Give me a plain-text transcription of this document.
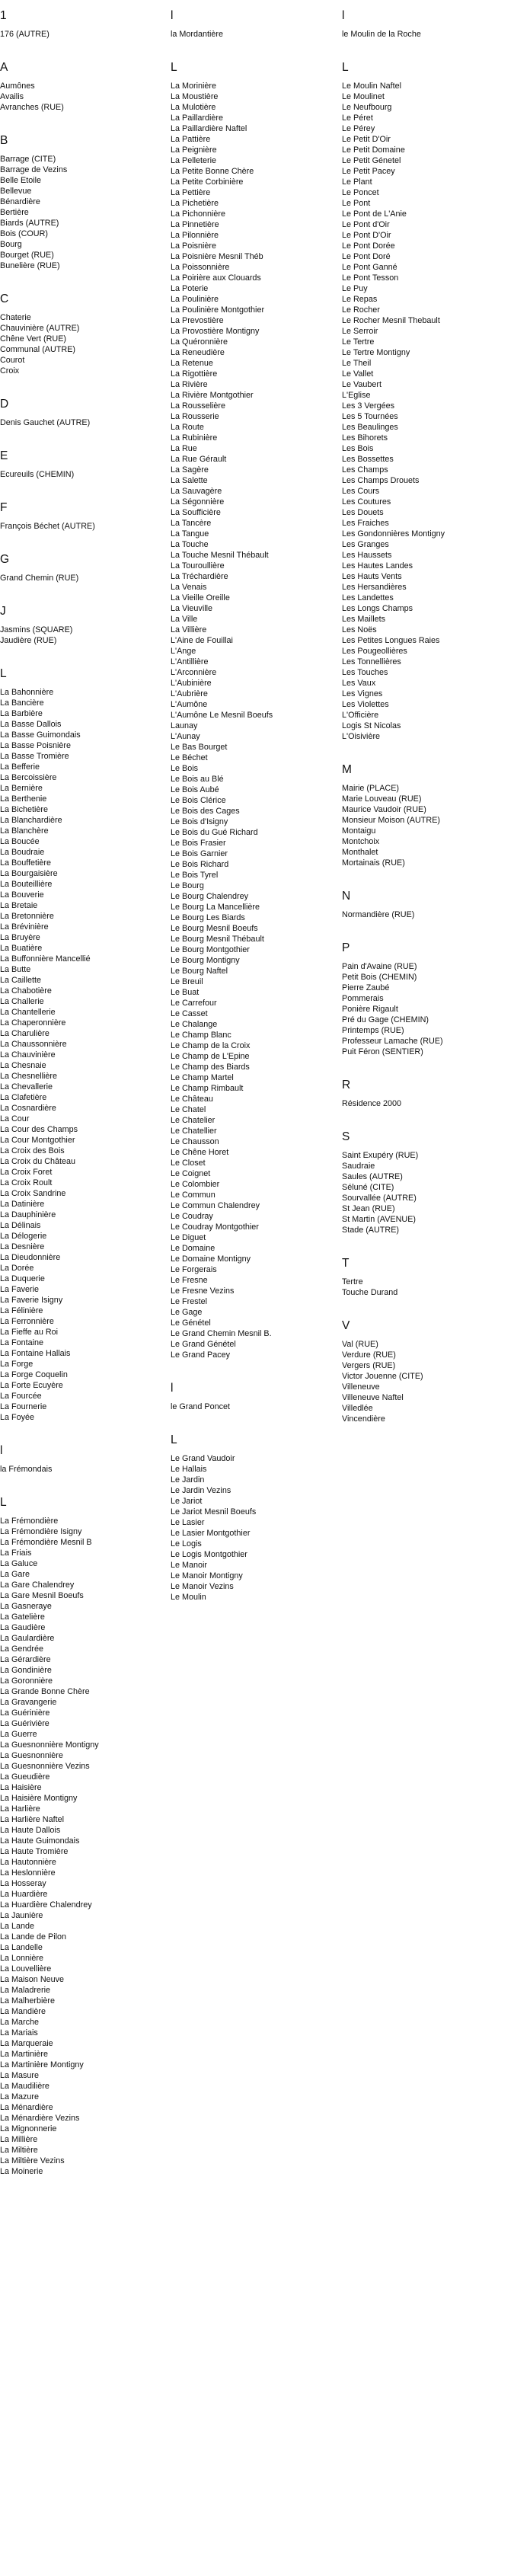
1
176 (AUTRE)
A
Aumônes
Availis
Avranches (RUE)
B
Barrage (CITE)
Barrage de Vezins
Belle Etoile
Bellevue
Bénardière
Bertière
Biards (AUTRE)
Bois (COUR)
Bourg
Bourget (RUE)
Bunelière (RUE)
C
Chaterie
Chauvinière (AUTRE)
Chêne Vert (RUE)
Communal (AUTRE)
Courot
Croix
D
Denis Gauchet (AUTRE)
E
Ecureuils (CHEMIN)
F
François Béchet (AUTRE)
G
Grand Chemin (RUE)
J
Jasmins (SQUARE)
Jaudière (RUE)
L
La Bahonnière
La Bancière
La Barbière
La Basse Dallois
La Basse Guimondais
La Basse Poisnière
La Basse Tromière
La Befferie
La Bercoissière
La Bernière
La Berthenie
La Bichetière
La Blanchardière
La Blanchère
La Boucée
La Boudraie
La Bouffetière
La Bourgaisière
La Bouteillière
La Bouverie
La Bretaie
La Bretonnière
La Brévinière
La Bruyère
La Buatière
La Buffonnière Mancellié
La Butte
La Caillette
La Chabotière
La Challerie
La Chantellerie
La Chaperonnière
La Charulière
La Chaussonnière
La Chauvinière
La Chesnaie
La Chesnellière
La Chevallerie
La Clafetière
La Cosnardière
La Cour
La Cour des Champs
La Cour Montgothier
La Croix des Bois
La Croix du Château
La Croix Foret
La Croix Roult
La Croix Sandrine
La Datinière
La Dauphinière
La Délinais
La Délogerie
La Desnière
La Dieudonnière
La Dorée
La Duquerie
La Faverie
La Faverie Isigny
La Félinière
La Ferronnière
La Fieffe au Roi
La Fontaine
La Fontaine Hallais
La Forge
La Forge Coquelin
La Forte Ecuyère
La Fourcée
La Fournerie
La Foyée
l
la Frémondais
L
La Frémondière
La Frémondière Isigny
La Frémondière Mesnil B
La Friais
La Galuce
La Gare
La Gare Chalendrey
La Gare Mesnil Boeufs
La Gasneraye
La Gatelière
La Gaudière
La Gaulardière
La Gendrée
La Gérardière
La Gondinière
La Goronnière
La Grande Bonne Chère
La Gravangerie
La Guérinière
La Guérivière
La Guerre
La Guesnonnière Montigny
La Guesnonnière
La Guesnonnière Vezins
La Gueudière
La Haisière
La Haisière Montigny
La Harlière
La Harlière Naftel
La Haute Dallois
La Haute Guimondais
La Haute Tromière
La Hautonnière
La Heslonnière
La Hosseray
La Huardière
La Huardière Chalendrey
La Jaunière
La Lande
La Lande de Pilon
La Landelle
La Lonnière
La Louvellière
La Maison Neuve
La Maladrerie
La Malherbière
La Mandière
La Marche
La Mariais
La Marqueraie
La Martinière
La Martinière Montigny
La Masure
La Maudilière
La Mazure
La Ménardière
La Ménardière Vezins
La Mignonnerie
La Millière
La Miltière
La Miltière Vezins
La Moinerie
l
la Mordantière
L
La Morinière
La Moustière
La Mulotière
La Paillardière
La Paillardière Naftel
La Pattière
La Peignière
La Pelleterie
La Petite Bonne Chère
La Petite Corbinière
La Pettière
La Pichetière
La Pichonnière
La Pinnetière
La Pilonnière
La Poisnière
La Poisnière Mesnil Théb
La Poissonnière
La Poirière aux Clouards
La Poterie
La Poulinière
La Poulinière Montgothier
La Prevostière
La Provostière Montigny
La Quéronnière
La Reneudière
La Retenue
La Rigottière
La Rivière
La Rivière Montgothier
La Rousselière
La Rousserie
La Route
La Rubinière
La Rue
La Rue Gérault
La Sagère
La Salette
La Sauvagère
La Ségonnière
La Soufficière
La Tancère
La Tangue
La Touche
La Touche Mesnil Thébault
La Touroullière
La Tréchardière
La Venais
La Vieille Oreille
La Vieuville
La Ville
La Villière
L'Aine de Fouillai
L'Ange
L'Antillière
L'Arconnière
L'Aubinière
L'Aubrière
L'Aumône
L'Aumône Le Mesnil Boeufs
Launay
L'Aunay
Le Bas Bourget
Le Béchet
Le Bois
Le Bois au Blé
Le Bois Aubé
Le Bois Clérice
Le Bois des Cages
Le Bois d'Isigny
Le Bois du Gué Richard
Le Bois Frasier
Le Bois Garnier
Le Bois Richard
Le Bois Tyrel
Le Bourg
Le Bourg Chalendrey
Le Bourg La Mancellière
Le Bourg Les Biards
Le Bourg Mesnil Boeufs
Le Bourg Mesnil Thébault
Le Bourg Montgothier
Le Bourg Montigny
Le Bourg Naftel
Le Breuil
Le Buat
Le Carrefour
Le Casset
Le Chalange
Le Champ Blanc
Le Champ de la Croix
Le Champ de L'Epine
Le Champ des Biards
Le Champ Martel
Le Champ Rimbault
Le Château
Le Chatel
Le Chatelier
Le Chatellier
Le Chausson
Le Chêne Horet
Le Closet
Le Coignet
Le Colombier
Le Commun
Le Commun Chalendrey
Le Coudray
Le Coudray Montgothier
Le Diguet
Le Domaine
Le Domaine Montigny
Le Forgerais
Le Fresne
Le Fresne Vezins
Le Frestel
Le Gage
Le Génétel
Le Grand Chemin Mesnil B.
Le Grand Génétel
Le Grand Pacey
l
le Grand Poncet
L
Le Grand Vaudoir
Le Hallais
Le Jardin
Le Jardin Vezins
Le Jariot
Le Jariot Mesnil Boeufs
Le Lasier
Le Lasier Montgothier
Le Logis
Le Logis Montgothier
Le Manoir
Le Manoir Montigny
Le Manoir Vezins
Le Moulin
l
le Moulin de la Roche
L
Le Moulin Naftel
Le Moulinet
Le Neufbourg
Le Péret
Le Pérey
Le Petit D'Oir
Le Petit Domaine
Le Petit Génetel
Le Petit Pacey
Le Plant
Le Poncet
Le Pont
Le Pont de L'Anie
Le Pont d'Oir
Le Pont D'Oir
Le Pont Dorée
Le Pont Doré
Le Pont Ganné
Le Pont Tesson
Le Puy
Le Repas
Le Rocher
Le Rocher Mesnil Thebault
Le Serroir
Le Tertre
Le Tertre Montigny
Le Theil
Le Vallet
Le Vaubert
L'Eglise
Les 3 Vergées
Les 5 Tournées
Les Beaulinges
Les Bihorets
Les Bois
Les Bossettes
Les Champs
Les Champs Drouets
Les Cours
Les Coutures
Les Douets
Les Fraiches
Les Gondonnières Montigny
Les Granges
Les Haussets
Les Hautes Landes
Les Hauts Vents
Les Hersandières
Les Landettes
Les Longs Champs
Les Maillets
Les Noës
Les Petites Longues Raies
Les Pougeollières
Les Tonnellières
Les Touches
Les Vaux
Les Vignes
Les Violettes
L'Officière
Logis St Nicolas
L'Oisivière
M
Mairie (PLACE)
Marie Louveau (RUE)
Maurice Vaudoir (RUE)
Monsieur Moison (AUTRE)
Montaigu
Montchoix
Monthalet
Mortainais (RUE)
N
Normandière (RUE)
P
Pain d'Avaine (RUE)
Petit Bois (CHEMIN)
Pierre Zaubé
Pommerais
Ponière Rigault
Pré du Gage (CHEMIN)
Printemps (RUE)
Professeur Lamache (RUE)
Puit Féron (SENTIER)
R
Résidence 2000
S
Saint Exupéry (RUE)
Saudraie
Saules (AUTRE)
Séluné (CITE)
Sourvallée (AUTRE)
St Jean (RUE)
St Martin (AVENUE)
Stade (AUTRE)
T
Tertre
Touche Durand
V
Val (RUE)
Verdure (RUE)
Vergers (RUE)
Victor Jouenne (CITE)
Villeneuve
Villeneuve Naftel
Villedlée
Vincendière
